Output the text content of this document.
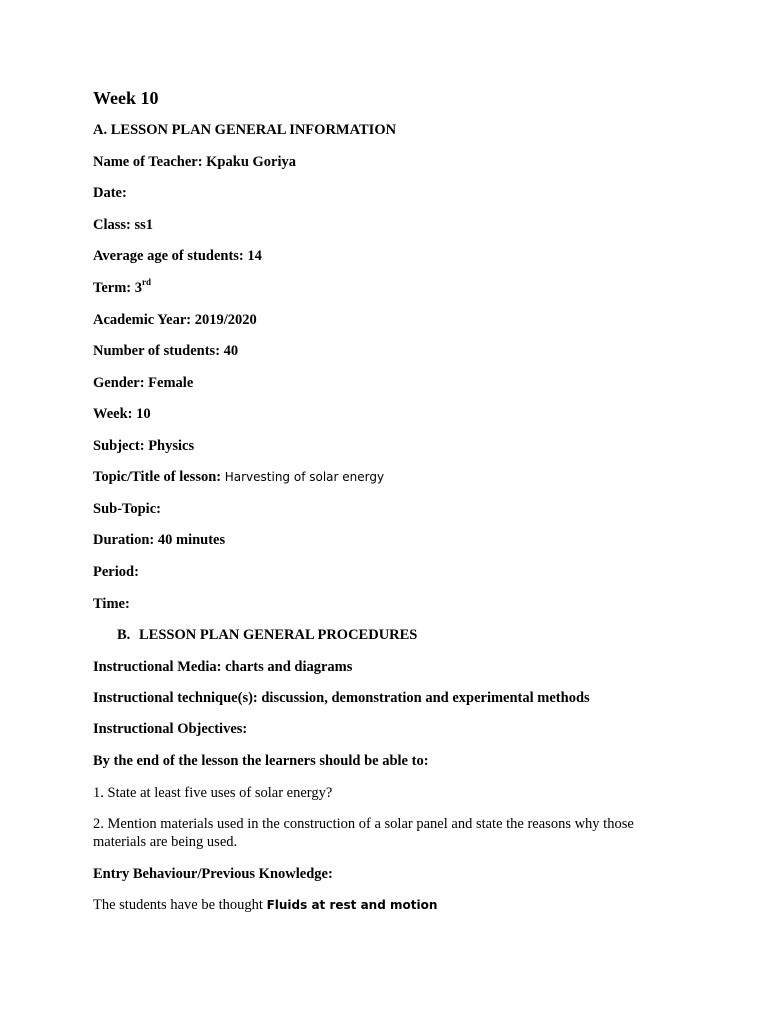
Week 10

A. LESSON PLAN GENERAL INFORMATION

Name of Teacher: Kpaku Goriya

Date:

Class: ss1

Average age of students: 14

Term: 3rd

Academic Year: 2019/2020

Number of students: 40

Gender: Female

Week: 10

Subject: Physics

Topic/Title of lesson: Harvesting of solar energy

Sub-Topic:

Duration: 40 minutes

Period:

Time:

B. LESSON PLAN GENERAL PROCEDURES

Instructional Media: charts and diagrams

Instructional technique(s): discussion, demonstration and experimental methods

Instructional Objectives:

By the end of the lesson the learners should be able to:

1. State at least five uses of solar energy?

2. Mention materials used in the construction of a solar panel and state the reasons why those materials are being used.

Entry Behaviour/Previous Knowledge:

The students have be thought Fluids at rest and motion
